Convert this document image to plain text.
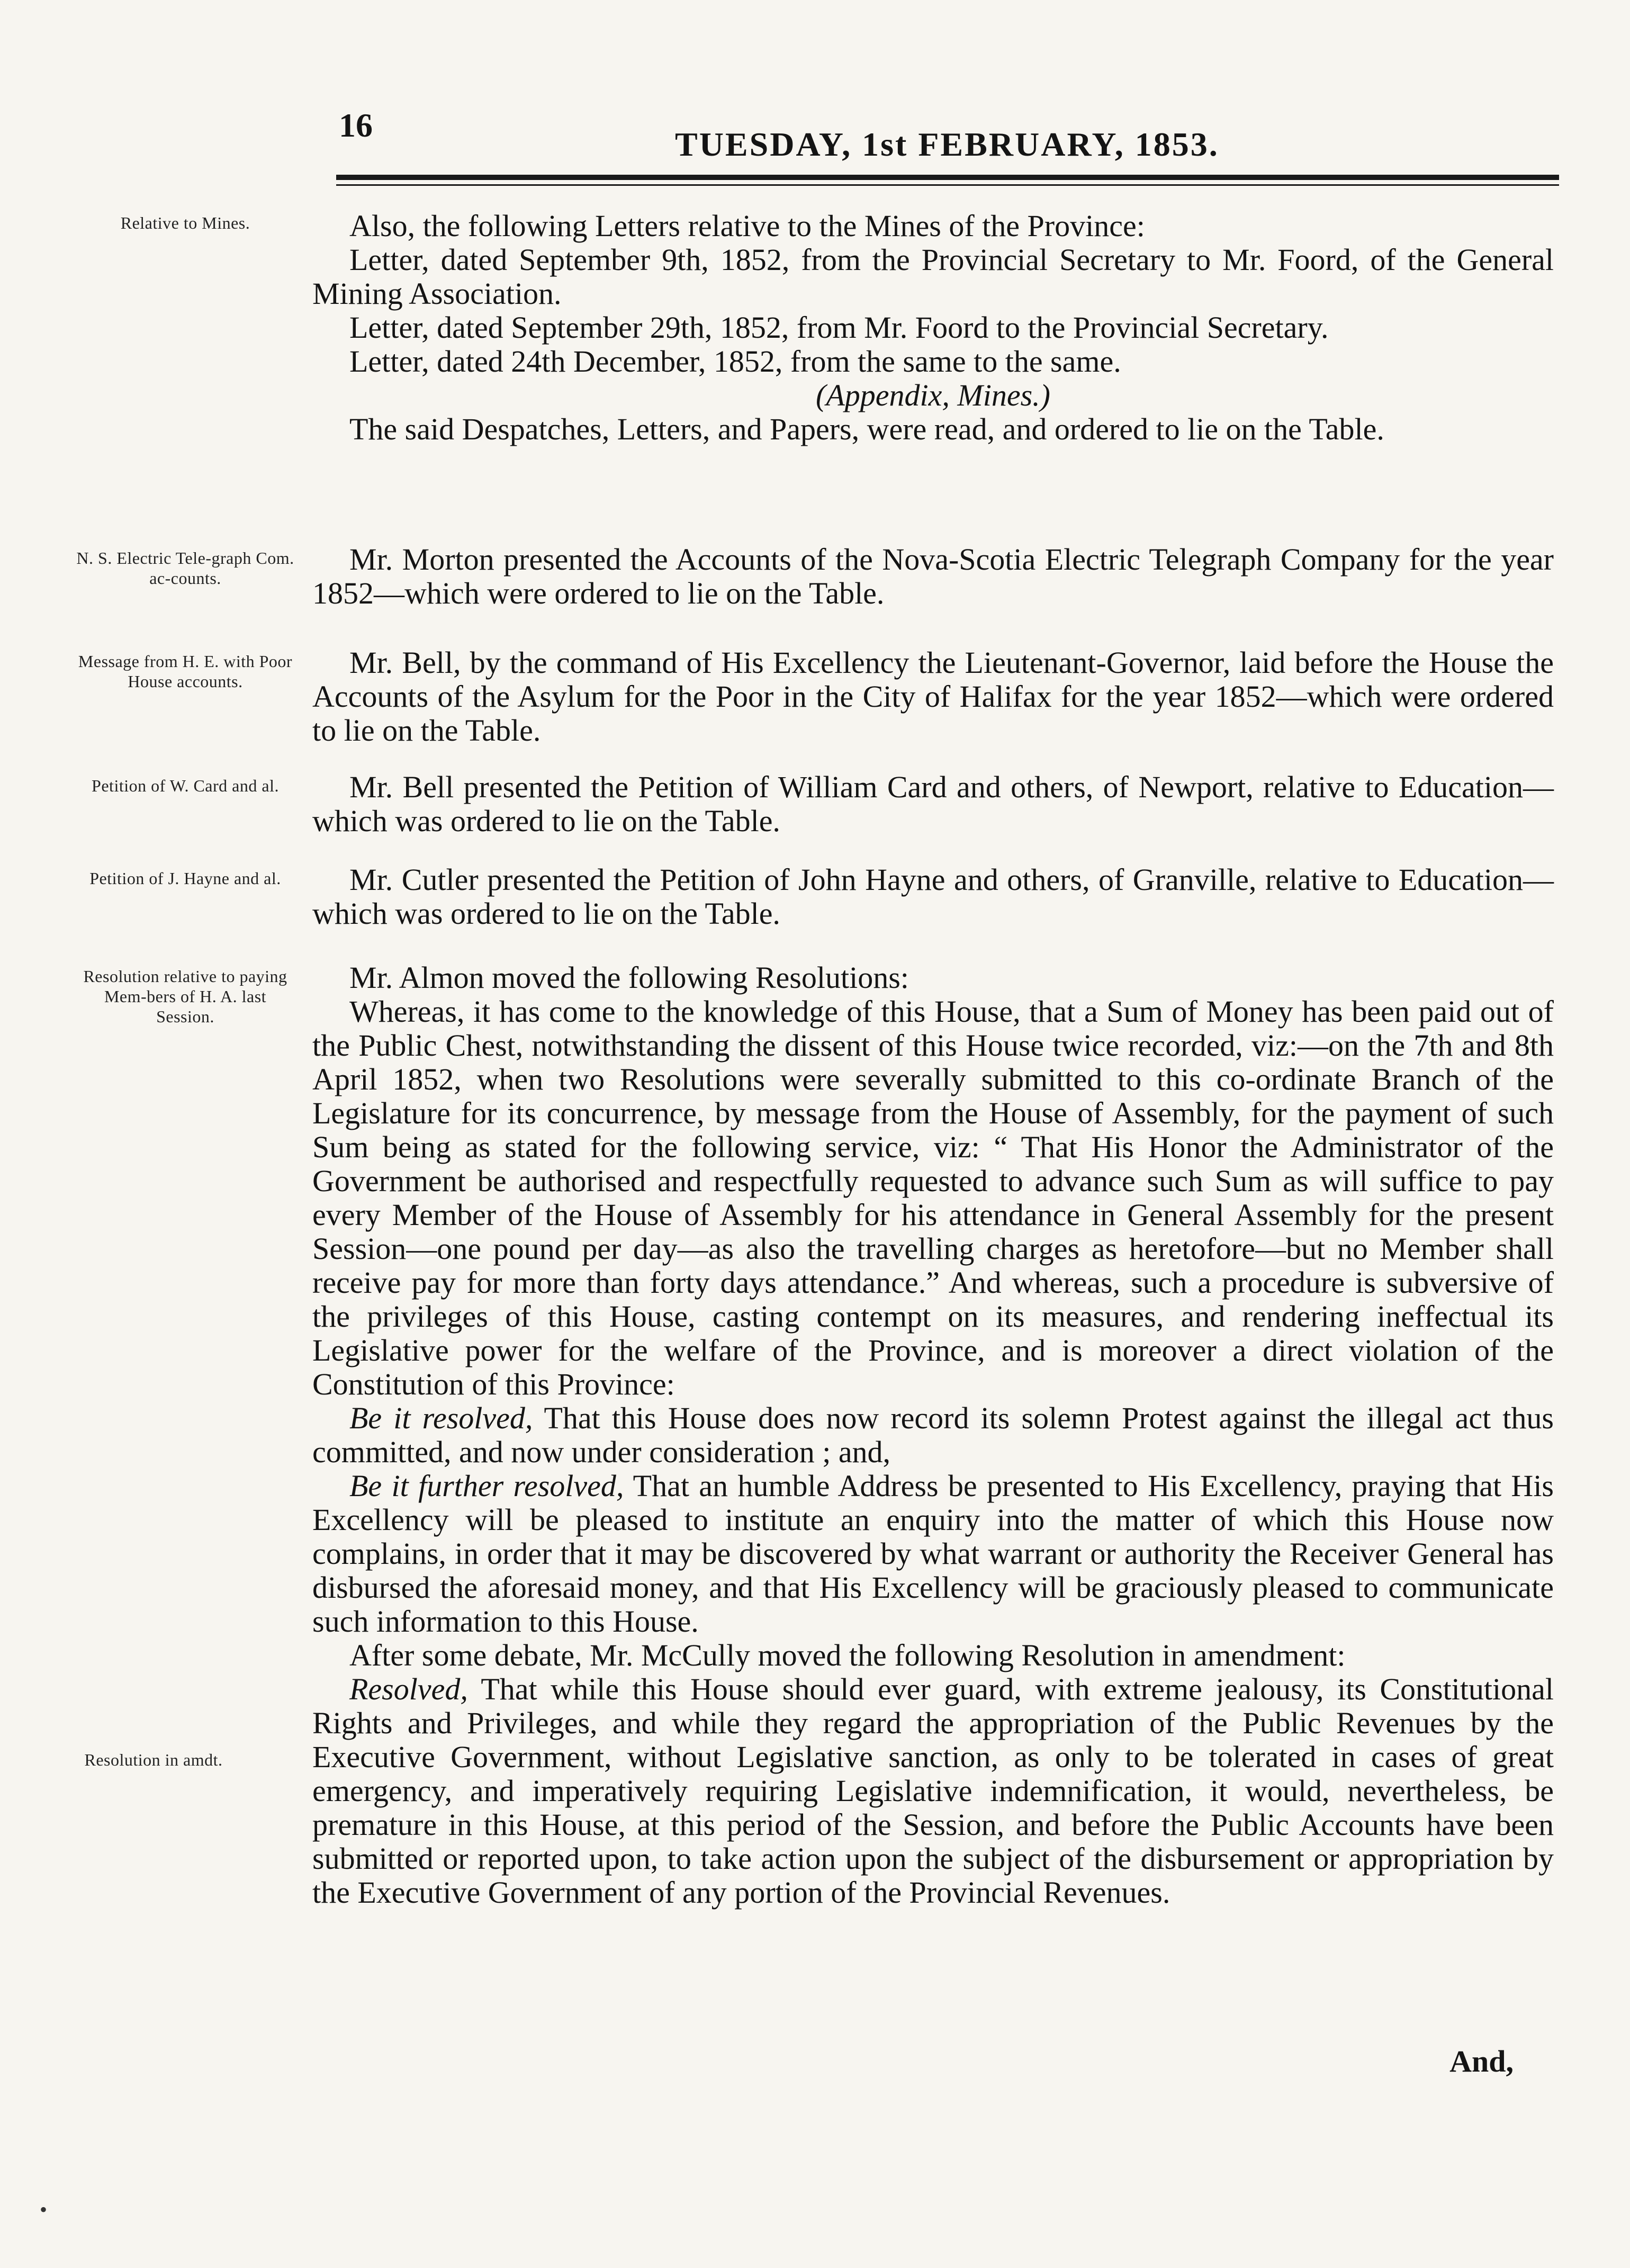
16
TUESDAY, 1st FEBRUARY, 1853.
Relative to Mines.
N. S. Electric Tele-graph Com. ac-counts.
Message from H. E. with Poor House accounts.
Petition of W. Card and al.
Petition of J. Hayne and al.
Resolution relative to paying Mem-bers of H. A. last Session.
Resolution in amdt.

Also, the following Letters relative to the Mines of the Province:

Letter, dated September 9th, 1852, from the Provincial Secretary to Mr. Foord, of the General Mining Association.

Letter, dated September 29th, 1852, from Mr. Foord to the Provincial Secretary.

Letter, dated 24th December, 1852, from the same to the same.

(Appendix, Mines.)

The said Despatches, Letters, and Papers, were read, and ordered to lie on the Table.

Mr. Morton presented the Accounts of the Nova-Scotia Electric Telegraph Company for the year 1852—which were ordered to lie on the Table.

Mr. Bell, by the command of His Excellency the Lieutenant-Governor, laid before the House the Accounts of the Asylum for the Poor in the City of Halifax for the year 1852—which were ordered to lie on the Table.

Mr. Bell presented the Petition of William Card and others, of Newport, relative to Education—which was ordered to lie on the Table.

Mr. Cutler presented the Petition of John Hayne and others, of Granville, relative to Education—which was ordered to lie on the Table.

Mr. Almon moved the following Resolutions:

Whereas, it has come to the knowledge of this House, that a Sum of Money has been paid out of the Public Chest, notwithstanding the dissent of this House twice recorded, viz:—on the 7th and 8th April 1852, when two Resolutions were severally submitted to this co-ordinate Branch of the Legislature for its concurrence, by message from the House of Assembly, for the payment of such Sum being as stated for the following service, viz: “ That His Honor the Administrator of the Government be authorised and respectfully requested to advance such Sum as will suffice to pay every Member of the House of Assembly for his attendance in General Assembly for the present Session—one pound per day—as also the travelling charges as heretofore—but no Member shall receive pay for more than forty days attendance.” And whereas, such a procedure is subversive of the privileges of this House, casting contempt on its measures, and rendering ineffectual its Legislative power for the welfare of the Province, and is moreover a direct violation of the Constitution of this Province:

Be it resolved, That this House does now record its solemn Protest against the illegal act thus committed, and now under consideration ; and,

Be it further resolved, That an humble Address be presented to His Excellency, praying that His Excellency will be pleased to institute an enquiry into the matter of which this House now complains, in order that it may be discovered by what warrant or authority the Receiver General has disbursed the aforesaid money, and that His Excellency will be graciously pleased to communicate such information to this House.

After some debate, Mr. McCully moved the following Resolution in amendment:

Resolved, That while this House should ever guard, with extreme jealousy, its Constitutional Rights and Privileges, and while they regard the appropriation of the Public Revenues by the Executive Government, without Legislative sanction, as only to be tolerated in cases of great emergency, and imperatively requiring Legislative indemnification, it would, nevertheless, be premature in this House, at this period of the Session, and before the Public Accounts have been submitted or reported upon, to take action upon the subject of the disbursement or appropriation by the Executive Government of any portion of the Provincial Revenues.

And,
•
